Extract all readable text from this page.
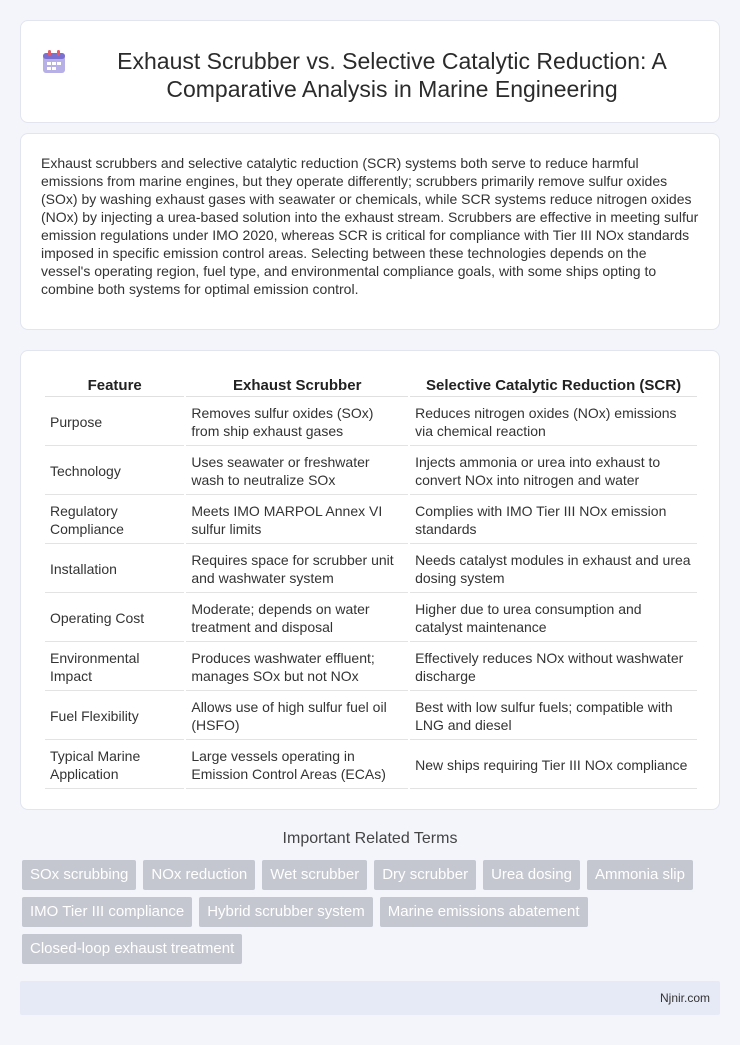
Exhaust Scrubber vs. Selective Catalytic Reduction: A Comparative Analysis in Marine Engineering

Exhaust scrubbers and selective catalytic reduction (SCR) systems both serve to reduce harmful emissions from marine engines, but they operate differently; scrubbers primarily remove sulfur oxides (SOx) by washing exhaust gases with seawater or chemicals, while SCR systems reduce nitrogen oxides (NOx) by injecting a urea-based solution into the exhaust stream. Scrubbers are effective in meeting sulfur emission regulations under IMO 2020, whereas SCR is critical for compliance with Tier III NOx standards imposed in specific emission control areas. Selecting between these technologies depends on the vessel's operating region, fuel type, and environmental compliance goals, with some ships opting to combine both systems for optimal emission control.

Feature	Exhaust Scrubber	Selective Catalytic Reduction (SCR)
Purpose	Removes sulfur oxides (SOx) from ship exhaust gases	Reduces nitrogen oxides (NOx) emissions via chemical reaction
Technology	Uses seawater or freshwater wash to neutralize SOx	Injects ammonia or urea into exhaust to convert NOx into nitrogen and water
Regulatory Compliance	Meets IMO MARPOL Annex VI sulfur limits	Complies with IMO Tier III NOx emission standards
Installation	Requires space for scrubber unit and washwater system	Needs catalyst modules in exhaust and urea dosing system
Operating Cost	Moderate; depends on water treatment and disposal	Higher due to urea consumption and catalyst maintenance
Environmental Impact	Produces washwater effluent; manages SOx but not NOx	Effectively reduces NOx without washwater discharge
Fuel Flexibility	Allows use of high sulfur fuel oil (HSFO)	Best with low sulfur fuels; compatible with LNG and diesel
Typical Marine Application	Large vessels operating in Emission Control Areas (ECAs)	New ships requiring Tier III NOx compliance
Important Related Terms
SOx scrubbing	NOx reduction	Wet scrubber	Dry scrubber	Urea dosing	Ammonia slip
IMO Tier III compliance	Hybrid scrubber system	Marine emissions abatement
Closed-loop exhaust treatment
Njnir.com
